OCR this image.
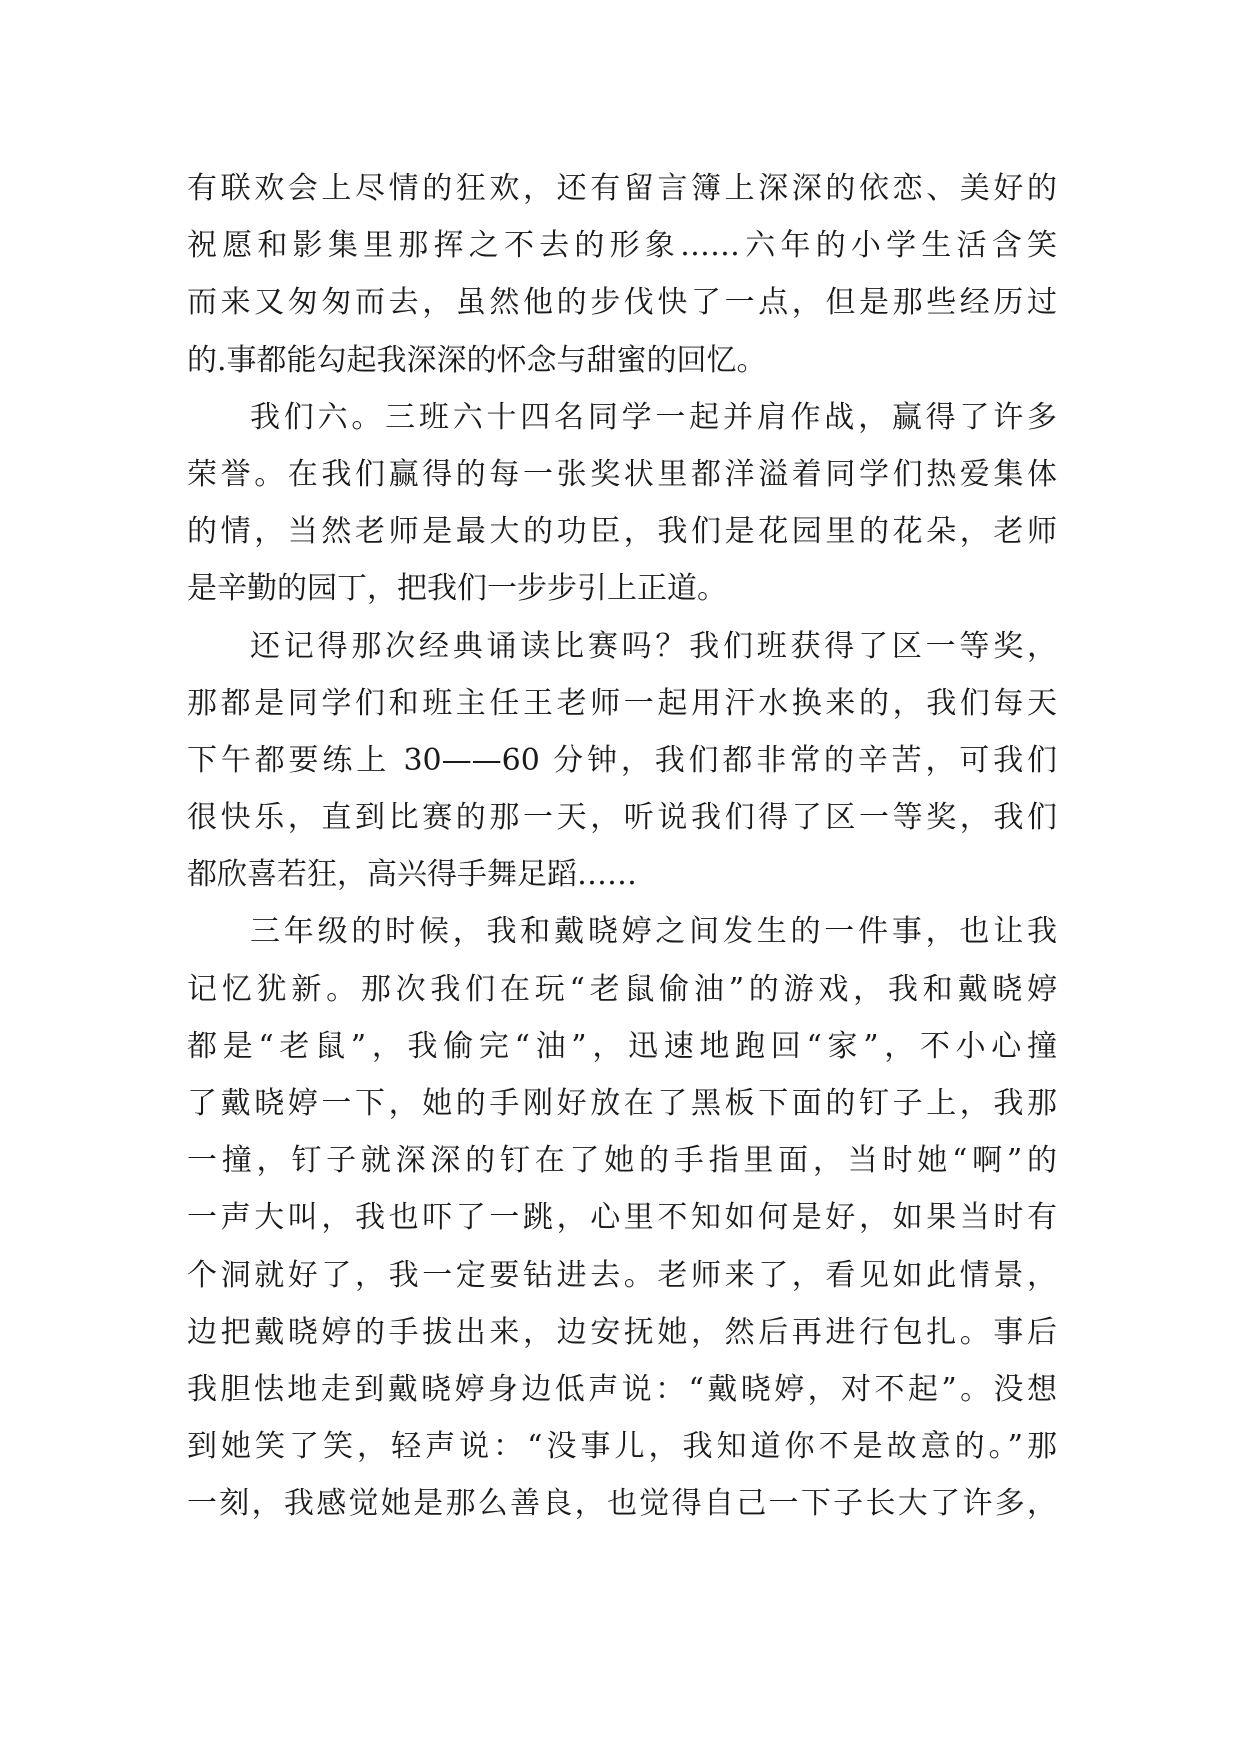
有联欢会上尽情的狂欢，还有留言簿上深深的依恋、美好的
祝愿和影集里那挥之不去的形象……六年的小学生活含笑
而来又匆匆而去，虽然他的步伐快了一点，但是那些经历过
的.事都能勾起我深深的怀念与甜蜜的回忆。
我们六。三班六十四名同学一起并肩作战，赢得了许多
荣誉。在我们赢得的每一张奖状里都洋溢着同学们热爱集体
的情，当然老师是最大的功臣，我们是花园里的花朵，老师
是辛勤的园丁，把我们一步步引上正道。
还记得那次经典诵读比赛吗？我们班获得了区一等奖，
那都是同学们和班主任王老师一起用汗水换来的，我们每天
下午都要练上 30——60 分钟，我们都非常的辛苦，可我们
很快乐，直到比赛的那一天，听说我们得了区一等奖，我们
都欣喜若狂，高兴得手舞足蹈……
三年级的时候，我和戴晓婷之间发生的一件事，也让我
记忆犹新。那次我们在玩“老鼠偷油”的游戏，我和戴晓婷
都是“老鼠”，我偷完“油”，迅速地跑回“家”，不小心撞
了戴晓婷一下，她的手刚好放在了黑板下面的钉子上，我那
一撞，钉子就深深的钉在了她的手指里面，当时她“啊”的
一声大叫，我也吓了一跳，心里不知如何是好，如果当时有
个洞就好了，我一定要钻进去。老师来了，看见如此情景，
边把戴晓婷的手拔出来，边安抚她，然后再进行包扎。事后
我胆怯地走到戴晓婷身边低声说：“戴晓婷，对不起”。没想
到她笑了笑，轻声说：“没事儿，我知道你不是故意的。”那
一刻，我感觉她是那么善良，也觉得自己一下子长大了许多，
